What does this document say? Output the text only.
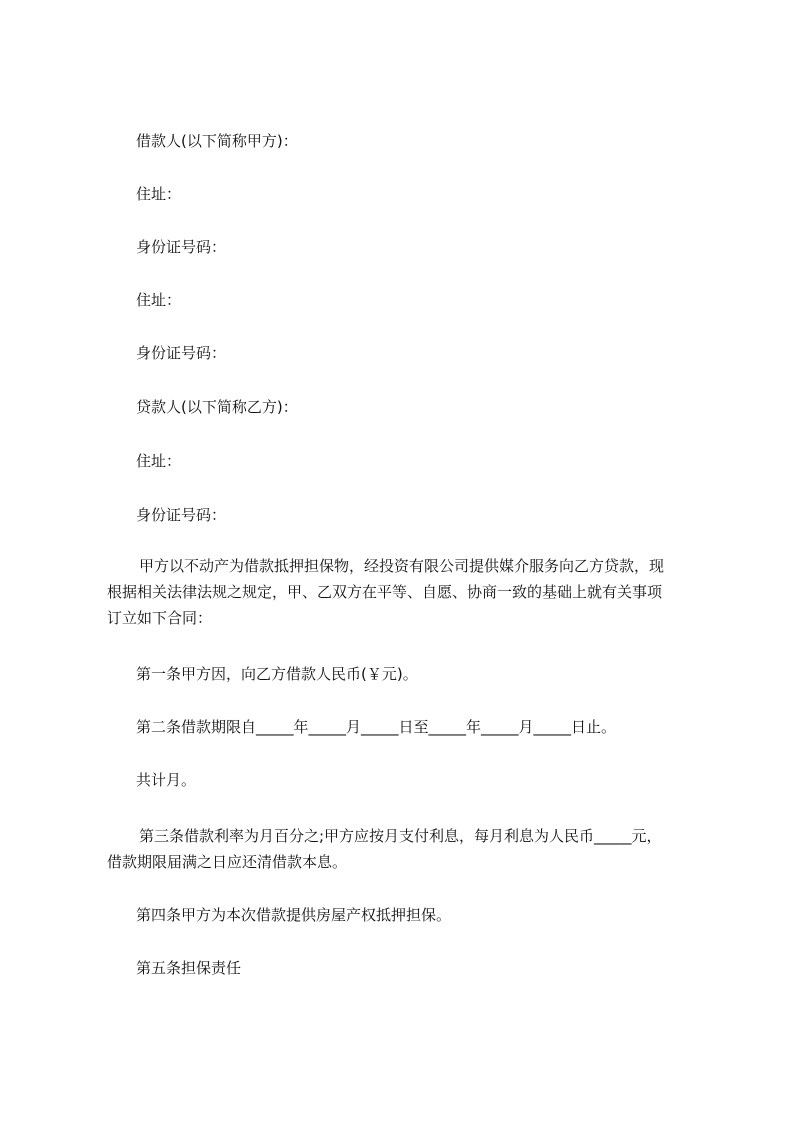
借款人(以下简称甲方)：
住址：
身份证号码：
住址：
身份证号码：
贷款人(以下简称乙方)：
住址：
身份证号码：
甲方以不动产为借款抵押担保物，经投资有限公司提供媒介服务向乙方贷款，现
根据相关法律法规之规定，甲、乙双方在平等、自愿、协商一致的基础上就有关事项
订立如下合同：
第一条甲方因，向乙方借款人民币(￥元)。
第二条借款期限自_____年_____月_____日至_____年_____月_____日止。
共计月。
第三条借款利率为月百分之;甲方应按月支付利息，每月利息为人民币_____元，
借款期限届满之日应还清借款本息。
第四条甲方为本次借款提供房屋产权抵押担保。
第五条担保责任
